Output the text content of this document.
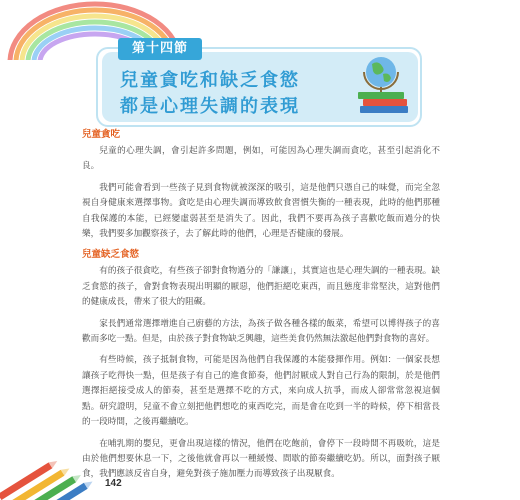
兒童貪吃和缺乏食慾
都是心理失調的表現
第十四節

兒童貪吃

兒童的心理失調，會引起許多問題，例如，可能因為心理失調而貪吃，甚至引起消化不良。

我們可能會看到一些孩子見到食物就被深深的吸引，這是他們只憑自己的味覺，而完全忽視自身健康來選擇事物。貪吃是由心理失調而導致飲食習慣失衡的一種表現，此時的他們那種自我保護的本能，已經變虛弱甚至是消失了。因此，我們不要再為孩子喜歡吃飯而過分的快樂，我們要多加觀察孩子，去了解此時的他們，心理是否健康的發展。

兒童缺乏食慾

有的孩子很貪吃，有些孩子卻對食物過分的「謙讓」，其實這也是心理失調的一種表現。缺乏食慾的孩子，會對食物表現出明顯的厭惡，他們拒絕吃東西，而且態度非常堅決，這對他們的健康成長，帶來了很大的阻礙。

家長們通常選擇增進自己廚藝的方法，為孩子做各種各樣的飯菜，希望可以博得孩子的喜歡而多吃一點。但是，由於孩子對食物缺乏興趣，這些美食仍然無法激起他們對食物的喜好。

有些時候，孩子抵制食物，可能是因為他們自我保護的本能發揮作用。例如：一個家長想讓孩子吃得快一點，但是孩子有自己的進食節奏，他們討厭成人對自己行為的限制，於是他們選擇拒絕接受成人的節奏，甚至是選擇不吃的方式，來向成人抗爭，而成人卻常常忽視這個點。研究證明，兒童不會立刻把他們想吃的東西吃完，而是會在吃到一半的時候，停下相當長的一段時間，之後再繼續吃。

在哺乳期的嬰兒，更會出現這樣的情況，他們在吃飽前，會停下一段時間不再吸吮，這是由於他們想要休息一下，之後他就會再以一種緩慢、間歇的節奏繼續吃奶。所以，面對孩子厭食，我們應該反省自身，避免對孩子施加壓力而導致孩子出現厭食。

142
